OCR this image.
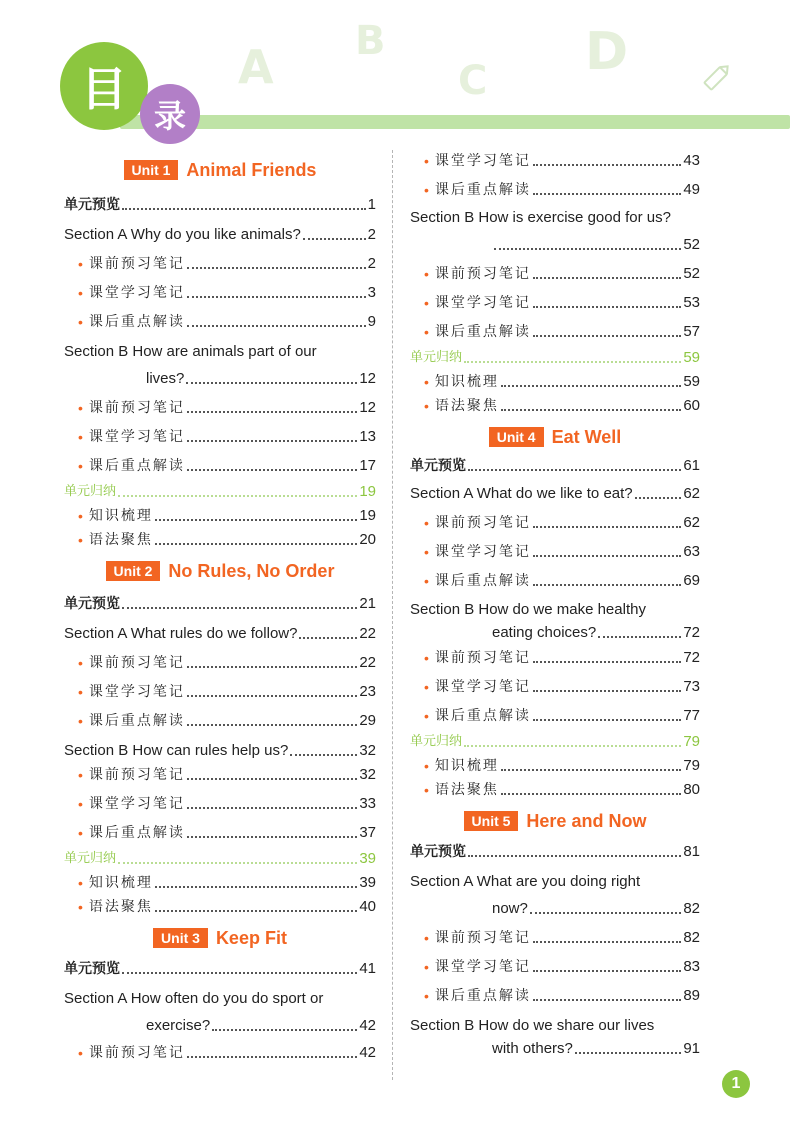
A B
C D
目 录
Unit 1 Animal Friends
单元预览	1
Section A Why do you like animals?	2
• 课前预习笔记	2
• 课堂学习笔记	3
• 课后重点解读	9
Section B How are animals part of our
lives?	12
• 课前预习笔记	12
• 课堂学习笔记	13
• 课后重点解读	17
单元归纳	19
• 知识梳理	19
• 语法聚焦	20
Unit 2 No Rules, No Order
单元预览	21
Section A What rules do we follow?	22
• 课前预习笔记	22
• 课堂学习笔记	23
• 课后重点解读	29
Section B How can rules help us?	32
• 课前预习笔记	32
• 课堂学习笔记	33
• 课后重点解读	37
单元归纳	39
• 知识梳理	39
• 语法聚焦	40
Unit 3 Keep Fit
单元预览	41
Section A How often do you do sport or
exercise?	42
• 课前预习笔记	42
• 课堂学习笔记	43
• 课后重点解读	49
Section B How is exercise good for us?
52
• 课前预习笔记	52
• 课堂学习笔记	53
• 课后重点解读	57
单元归纳	59
• 知识梳理	59
• 语法聚焦	60
Unit 4 Eat Well
单元预览	61
Section A What do we like to eat?	62
• 课前预习笔记	62
• 课堂学习笔记	63
• 课后重点解读	69
Section B How do we make healthy
eating choices?	72
• 课前预习笔记	72
• 课堂学习笔记	73
• 课后重点解读	77
单元归纳	79
• 知识梳理	79
• 语法聚焦	80
Unit 5 Here and Now
单元预览	81
Section A What are you doing right
now?	82
• 课前预习笔记	82
• 课堂学习笔记	83
• 课后重点解读	89
Section B How do we share our lives
with others?	91
1
